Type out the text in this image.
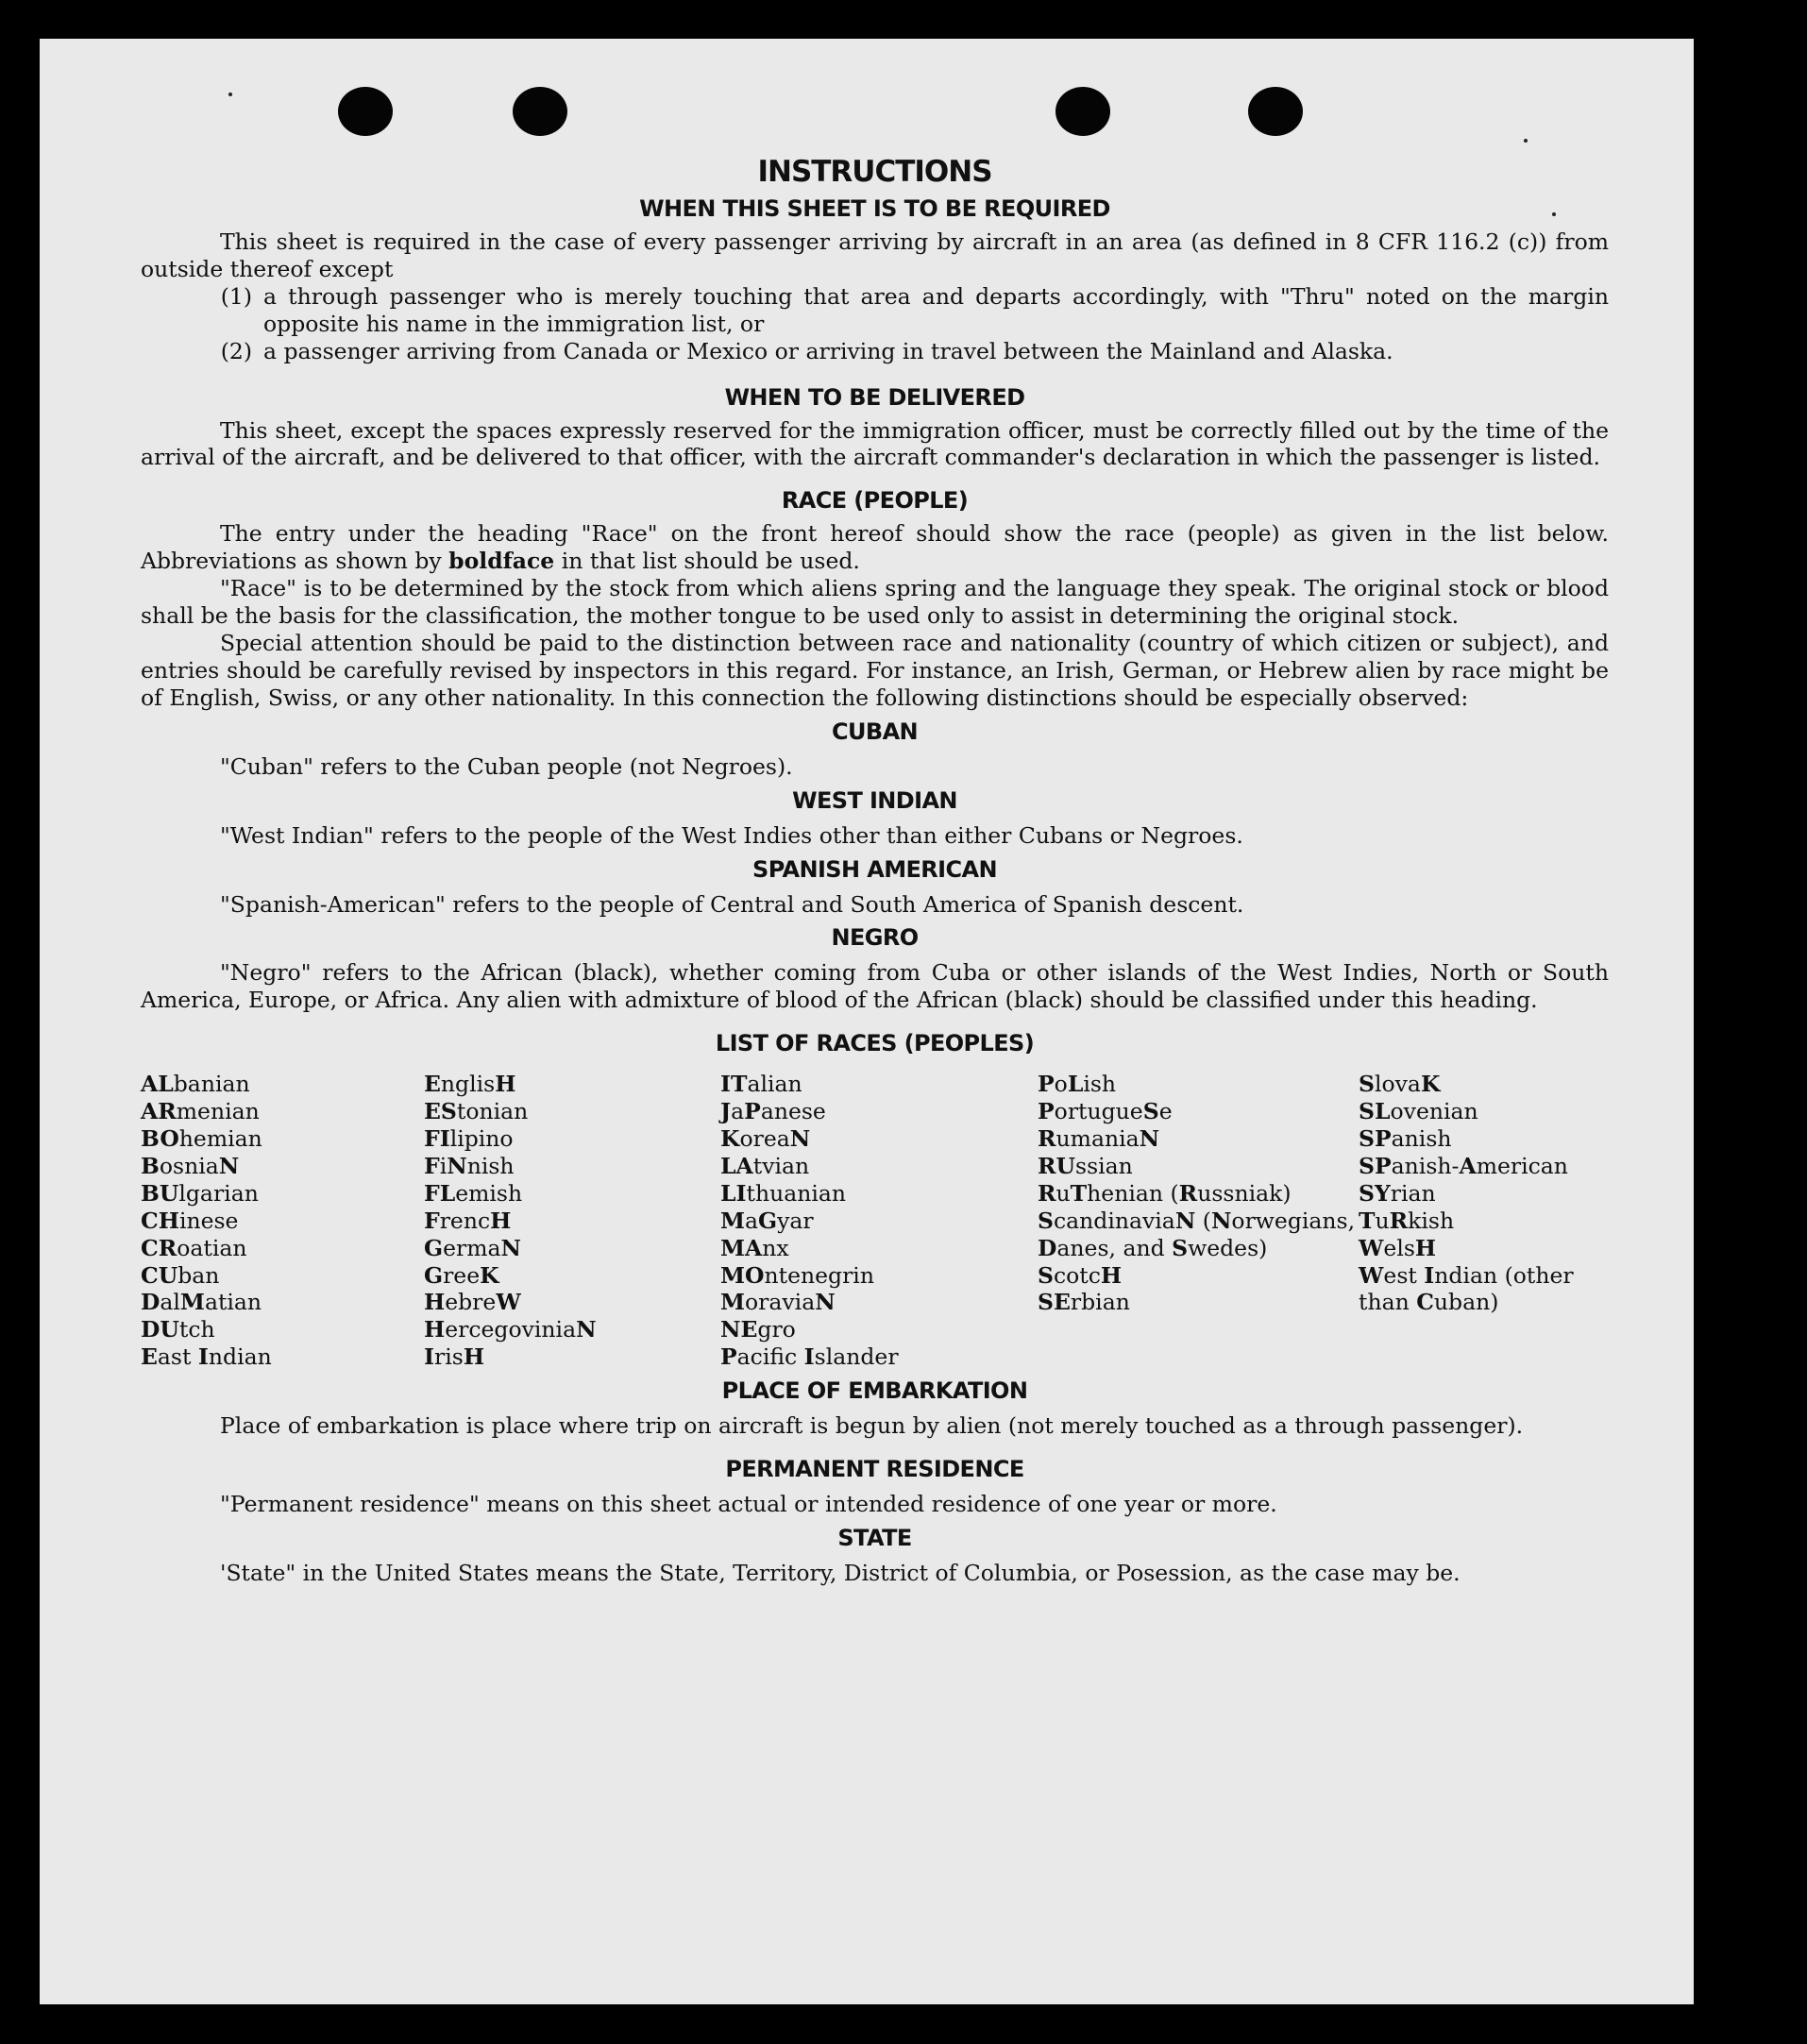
INSTRUCTIONS
WHEN THIS SHEET IS TO BE REQUIRED

This sheet is required in the case of every passenger arriving by aircraft in an area (as defined in 8 CFR 116.2 (c)) from outside thereof except

(1) a through passenger who is merely touching that area and departs accordingly, with "Thru" noted on the margin opposite his name in the immigration list, or
(2) a passenger arriving from Canada or Mexico or arriving in travel between the Mainland and Alaska.
WHEN TO BE DELIVERED

This sheet, except the spaces expressly reserved for the immigration officer, must be correctly filled out by the time of the arrival of the aircraft, and be delivered to that officer, with the aircraft commander's declaration in which the passenger is listed.

RACE (PEOPLE)

The entry under the heading "Race" on the front hereof should show the race (people) as given in the list below. Abbreviations as shown by boldface in that list should be used.

"Race" is to be determined by the stock from which aliens spring and the language they speak. The original stock or blood shall be the basis for the classification, the mother tongue to be used only to assist in determining the original stock.

Special attention should be paid to the distinction between race and nationality (country of which citizen or subject), and entries should be carefully revised by inspectors in this regard. For instance, an Irish, German, or Hebrew alien by race might be of English, Swiss, or any other nationality. In this connection the following distinctions should be especially observed:

CUBAN

"Cuban" refers to the Cuban people (not Negroes).

WEST INDIAN

"West Indian" refers to the people of the West Indies other than either Cubans or Negroes.

SPANISH AMERICAN

"Spanish-American" refers to the people of Central and South America of Spanish descent.

NEGRO

"Negro" refers to the African (black), whether coming from Cuba or other islands of the West Indies, North or South America, Europe, or Africa. Any alien with admixture of blood of the African (black) should be classified under this heading.

LIST OF RACES (PEOPLES)
ALbanian
ARmenian
BOhemian
BosniaN
BUlgarian
CHinese
CRoatian
CUban
DalMatian
DUtch
East Indian
EnglisH
EStonian
FIlipino
FiNnish
FLemish
FrencH
GermaN
GreeK
HebreW
HercegoviniaN
IrisH
ITalian
JaPanese
KoreaN
LAtvian
LIthuanian
MaGyar
MAnx
MOntenegrin
MoraviaN
NEgro
Pacific Islander
PoLish
PortugueSe
RumaniaN
RUssian
RuThenian (Russniak)
ScandinaviaN (Norwegians, Danes, and Swedes)
ScotcH
SErbian
SlovaK
SLovenian
SPanish
SPanish-American
SYrian
TuRkish
WelsH
West Indian (other than Cuban)
PLACE OF EMBARKATION

Place of embarkation is place where trip on aircraft is begun by alien (not merely touched as a through passenger).

PERMANENT RESIDENCE

"Permanent residence" means on this sheet actual or intended residence of one year or more.

STATE

'State" in the United States means the State, Territory, District of Columbia, or Posession, as the case may be.
